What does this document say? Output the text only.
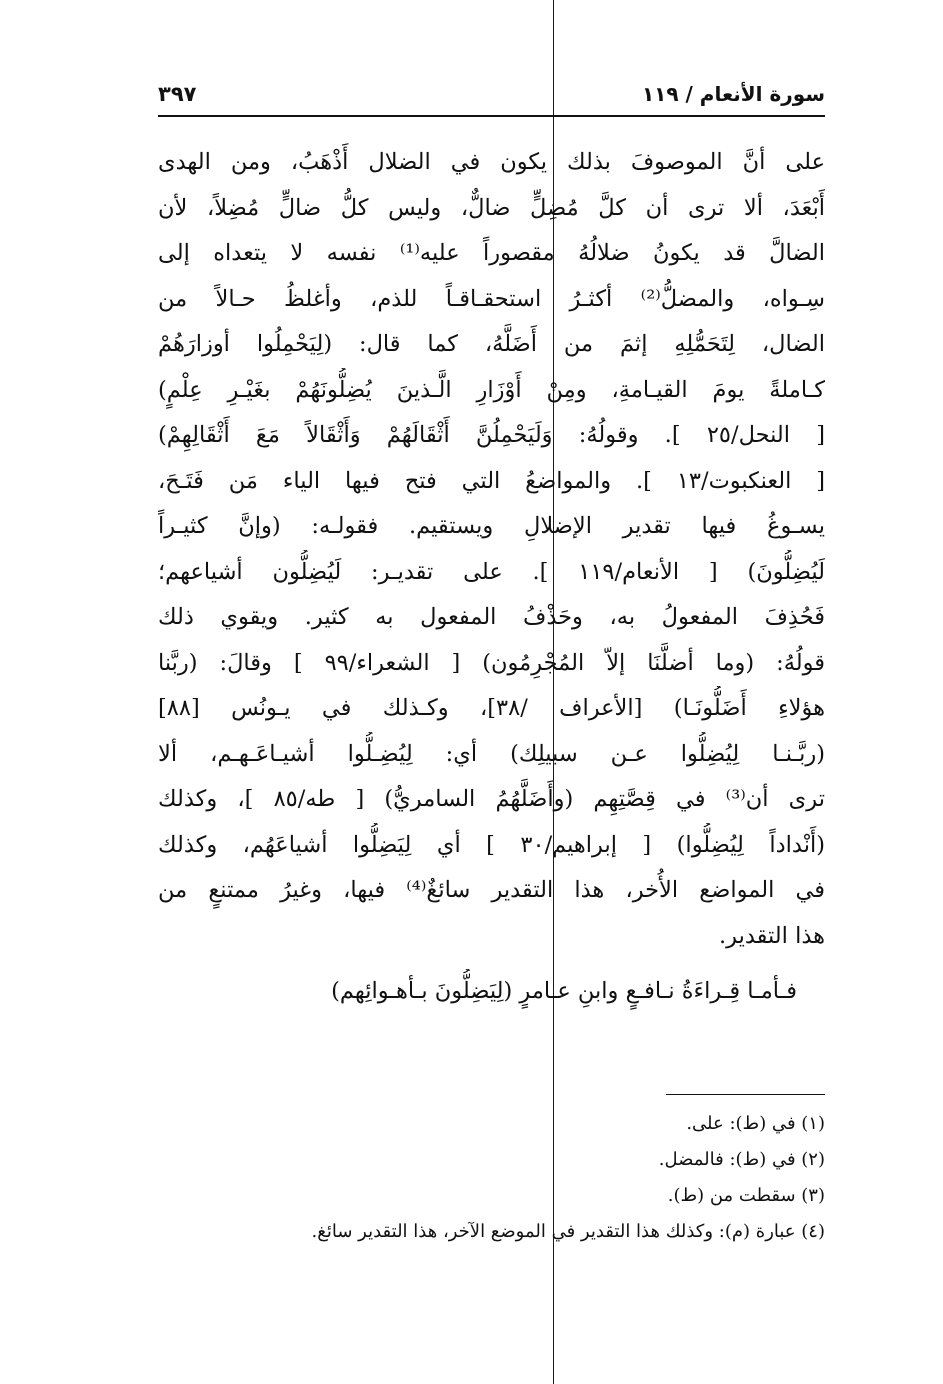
سورة الأنعام / ١١٩
٣٩٧
على أنَّ الموصوفَ بذلك يكون في الضلال أَذْهَبُ، ومن الهدى
أَبْعَدَ، ألا ترى أن كلَّ مُضِلٍّ ضالٌّ، وليس كلُّ ضالٍّ مُضِلاً، لأن
الضالَّ قد يكونُ ضلالُهُ مقصوراً عليه⁽¹⁾ نفسه لا يتعداه إلى
سِـواه، والمضلُّ⁽²⁾ أكثـرُ استحقـاقـاً للذم، وأغلظُ حـالاً من
الضال، لِتَحَمُّلِهِ إثمَ من أَضَلَّهُ، كما قال: (لِيَحْمِلُوا أوزارَهُمْ
كـاملةً يومَ القيـامةِ، ومِنْ أَوْزَارِ الَّـذينَ يُضِلُّونَهُمْ بغَيْـرِ عِلْمٍ)
[ النحل/٢٥ ]. وقولُهُ: وَلَيَحْمِلُنَّ أَثْقَالَهُمْ وَأَثْقَالاً مَعَ أَثْقَالِهِمْ)
[ العنكبوت/١٣ ]. والمواضعُ التي فتح فيها الياء مَن فَتَـحَ،
يسـوغُ فيها تقدير الإضلالِ ويستقيم. فقولـه: (وإنَّ كثيـراً
لَيُضِلُّونَ) [ الأنعام/١١٩ ]. على تقديـر: لَيُضِلُّون أشياعهم؛
فَحُذِفَ المفعولُ به، وحَذْفُ المفعول به كثير. ويقوي ذلك
قولُهُ: (وما أضلَّنَا إلاّ المُجْرِمُون) [ الشعراء/٩٩ ] وقالَ: (ربَّنا
هؤلاءِ أَضَلُّونَـا) [الأعراف /٣٨]، وكـذلك في يـونُس [٨٨]
(ربَّـنـا لِيُضِلُّوا عـن سبيلِك) أي: لِيُضِـلُّوا أشيـاعَـهـم، ألا
ترى أن⁽³⁾ في قِصَّتِهِم (وأَضَلَّهُمُ السامريُّ) [ طه/٨٥ ]، وكذلك
(أَنْداداً لِيُضِلُّوا) [ إبراهيم/٣٠ ] أي لِيَضِلُّوا أشياعَهُم، وكذلك
في المواضع الأُخر، هذا التقدير سائغٌ⁽⁴⁾ فيها، وغيرُ ممتنعٍ من
هذا التقدير.
فـأمـا قِـراءَةُ نـافـعٍ وابنِ عـامرٍ (لِيَضِلُّونَ بـأهـوائِهم)
(١) في (ط): على.
(٢) في (ط): فالمضل.
(٣) سقطت من (ط).
(٤) عبارة (م): وكذلك هذا التقدير في الموضع الآخر، هذا التقدير سائغ.
